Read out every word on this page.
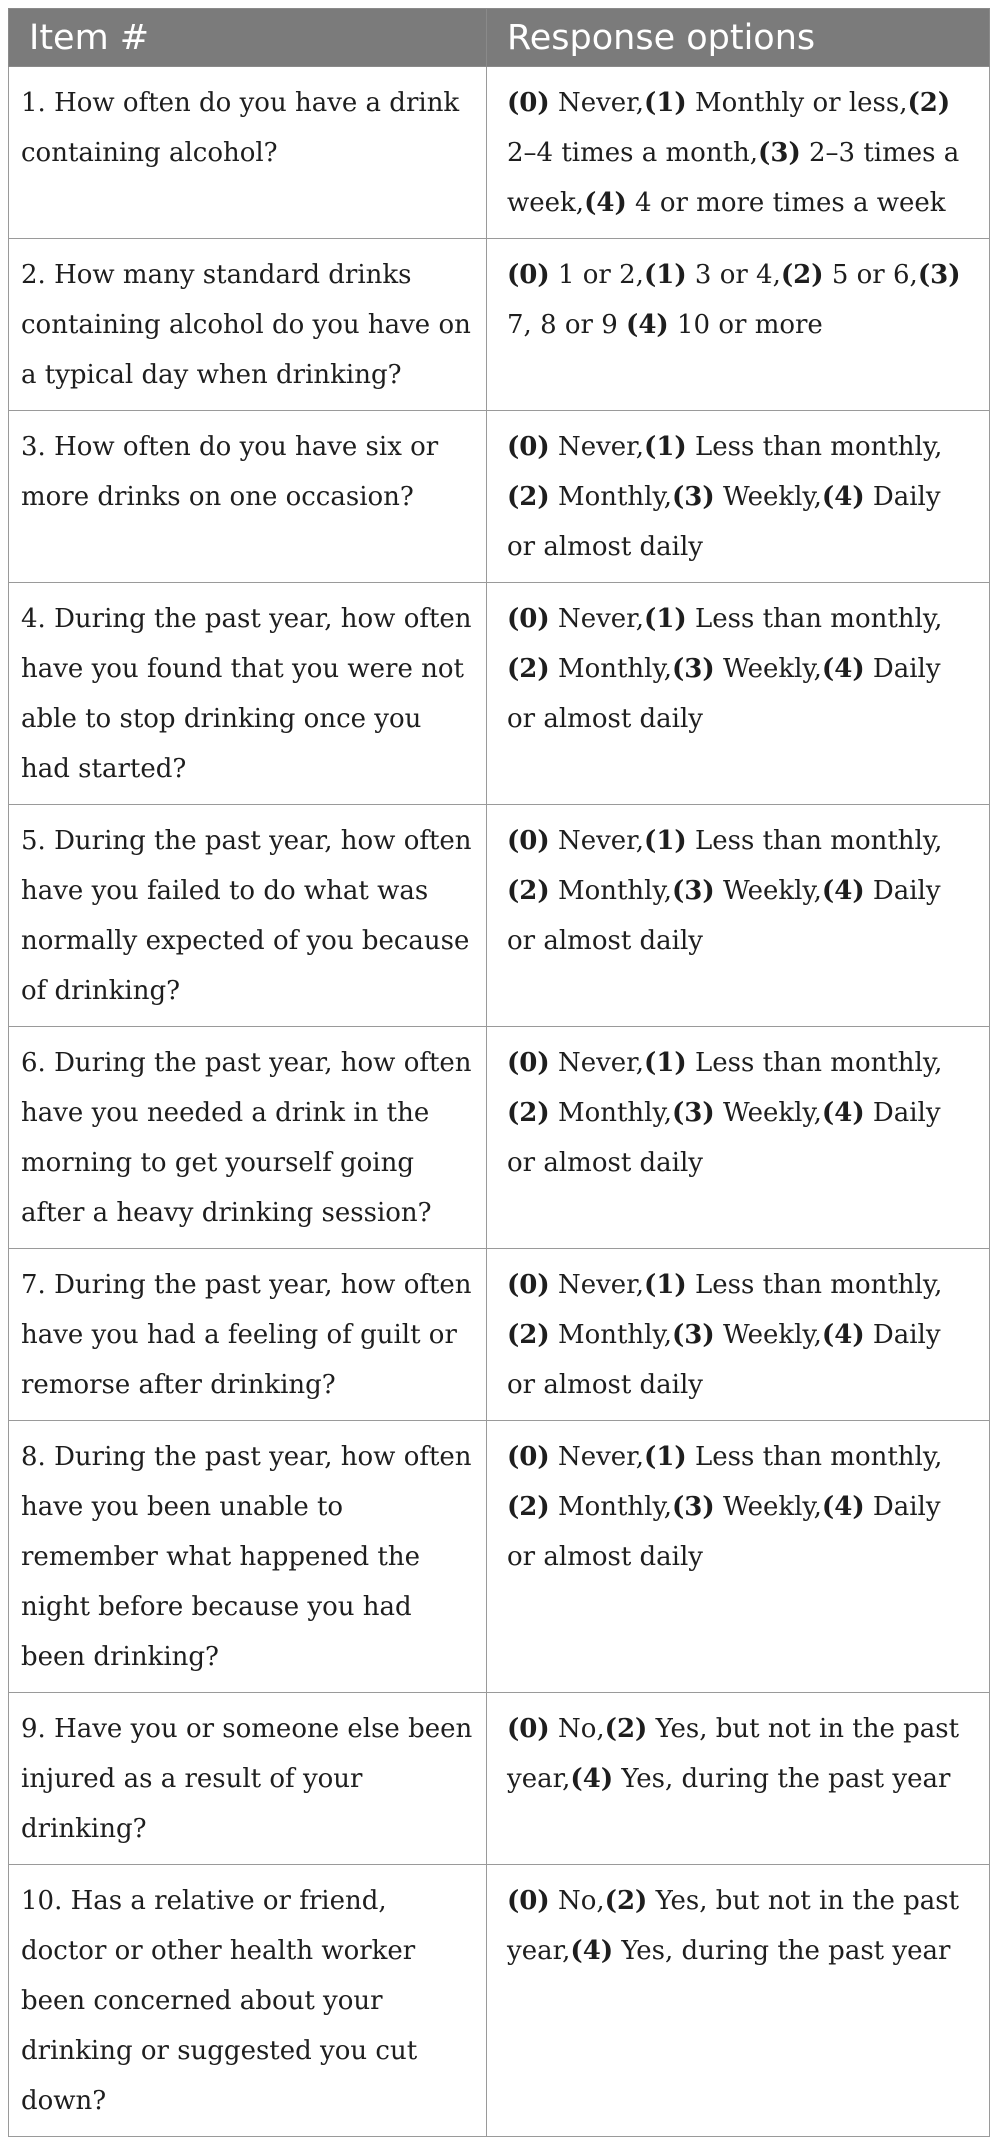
Item #	Response options
1. How often do you have a drink containing alcohol?	(0) Never,(1) Monthly or less,(2) 2–4 times a month,(3) 2–3 times a week,(4) 4 or more times a week
2. How many standard drinks containing alcohol do you have on a typical day when drinking?	(0) 1 or 2,(1) 3 or 4,(2) 5 or 6,(3) 7, 8 or 9 (4) 10 or more
3. How often do you have six or more drinks on one occasion?	(0) Never,(1) Less than monthly,(2) Monthly,(3) Weekly,(4) Daily or almost daily
4. During the past year, how often have you found that you were not able to stop drinking once you had started?	(0) Never,(1) Less than monthly,(2) Monthly,(3) Weekly,(4) Daily or almost daily
5. During the past year, how often have you failed to do what was normally expected of you because of drinking?	(0) Never,(1) Less than monthly,(2) Monthly,(3) Weekly,(4) Daily or almost daily
6. During the past year, how often have you needed a drink in the morning to get yourself going after a heavy drinking session?	(0) Never,(1) Less than monthly,(2) Monthly,(3) Weekly,(4) Daily or almost daily
7. During the past year, how often have you had a feeling of guilt or remorse after drinking?	(0) Never,(1) Less than monthly,(2) Monthly,(3) Weekly,(4) Daily or almost daily
8. During the past year, how often have you been unable to remember what happened the night before because you had been drinking?	(0) Never,(1) Less than monthly,(2) Monthly,(3) Weekly,(4) Daily or almost daily
9. Have you or someone else been injured as a result of your drinking?	(0) No,(2) Yes, but not in the past year,(4) Yes, during the past year
10. Has a relative or friend, doctor or other health worker been concerned about your drinking or suggested you cut down?	(0) No,(2) Yes, but not in the past year,(4) Yes, during the past year
